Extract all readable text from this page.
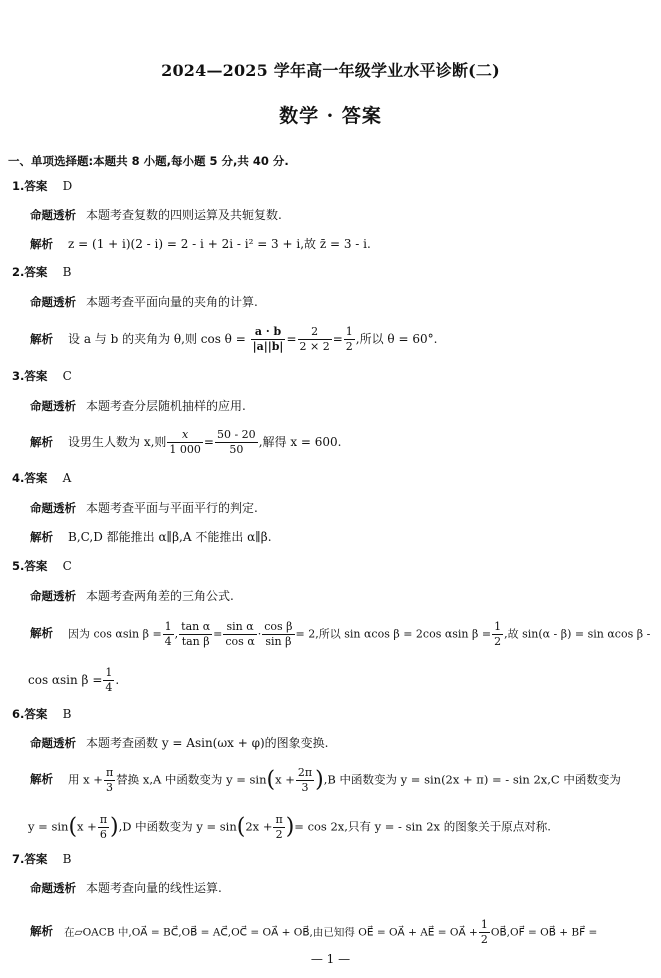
2024—2025 学年高一年级学业水平诊断(二)
数学 · 答案
一、单项选择题:本题共 8 小题,每小题 5 分,共 40 分.
1.答案 D
命题透析 本题考查复数的四则运算及共轭复数.
解析 z = (1 + i)(2 - i) = 2 - i + 2i - i² = 3 + i,故 z̄ = 3 - i.
2.答案 B
命题透析 本题考查平面向量的夹角的计算.
解析 设 a 与 b 的夹角为 θ,则 $\cos \theta = \frac{a \cdot b}{|a||b|} = \frac{2}{2 \times 2} = \frac{1}{2}$ ,所以 θ = 60°.
3.答案 C
命题透析 本题考查分层随机抽样的应用.
解析 设男生人数为 x,则 $\frac{x}{1 000} = \frac{50 - 20}{50}$ ,解得 x = 600.
4.答案 A
命题透析 本题考查平面与平面平行的判定.
解析 B,C,D 都能推出 α∥β,A 不能推出 α∥β.
5.答案 C
命题透析 本题考查两角差的三角公式.
解析 因为 cos αsin $\beta = \frac{1}{4}$ , $\frac{\text{tan α}}{\text{tan β}} = \frac{\text{sin α}}{\text{cos α}} \cdot \frac{\text{cos β}}{\text{sin β}} = 2$,所以 sin αcos β = 2cos αsin $\beta = \frac{1}{2}$ ,故 sin(α - β) = sin αcos β -
cos αsin $\beta = \frac{1}{4}$ .
6.答案 B
命题透析 本题考查函数 y = Asin(ωx + φ)的图象变换.
解析 用 $x + \frac{\pi}{3}$ 替换 x,A 中函数变为 $y = \sin(x + \frac{2\pi}{3} ),B$ 中函数变为 y = sin(2x + π) = - sin 2x,C 中函数变为
$y = \sin(x + \frac{\pi}{6} ),D$ 中函数变为 $y = \sin(2x + \frac{\pi}{2}$ )= cos 2x,只有 y = - sin 2x 的图象关于原点对称.
7.答案 B
命题透析 本题考查向量的线性运算.
解析 在▱OACB 中,OA⃗ = BC⃗,OB⃗ = AC⃗,OC⃗ = OA⃗ + OB⃗,由已知得 OE⃗ = OA⃗ + AE⃗ = OA⃗ + $\frac{1}{2}$ OB⃗,OF⃗ = OB⃗ + BF⃗ =
— 1 —
